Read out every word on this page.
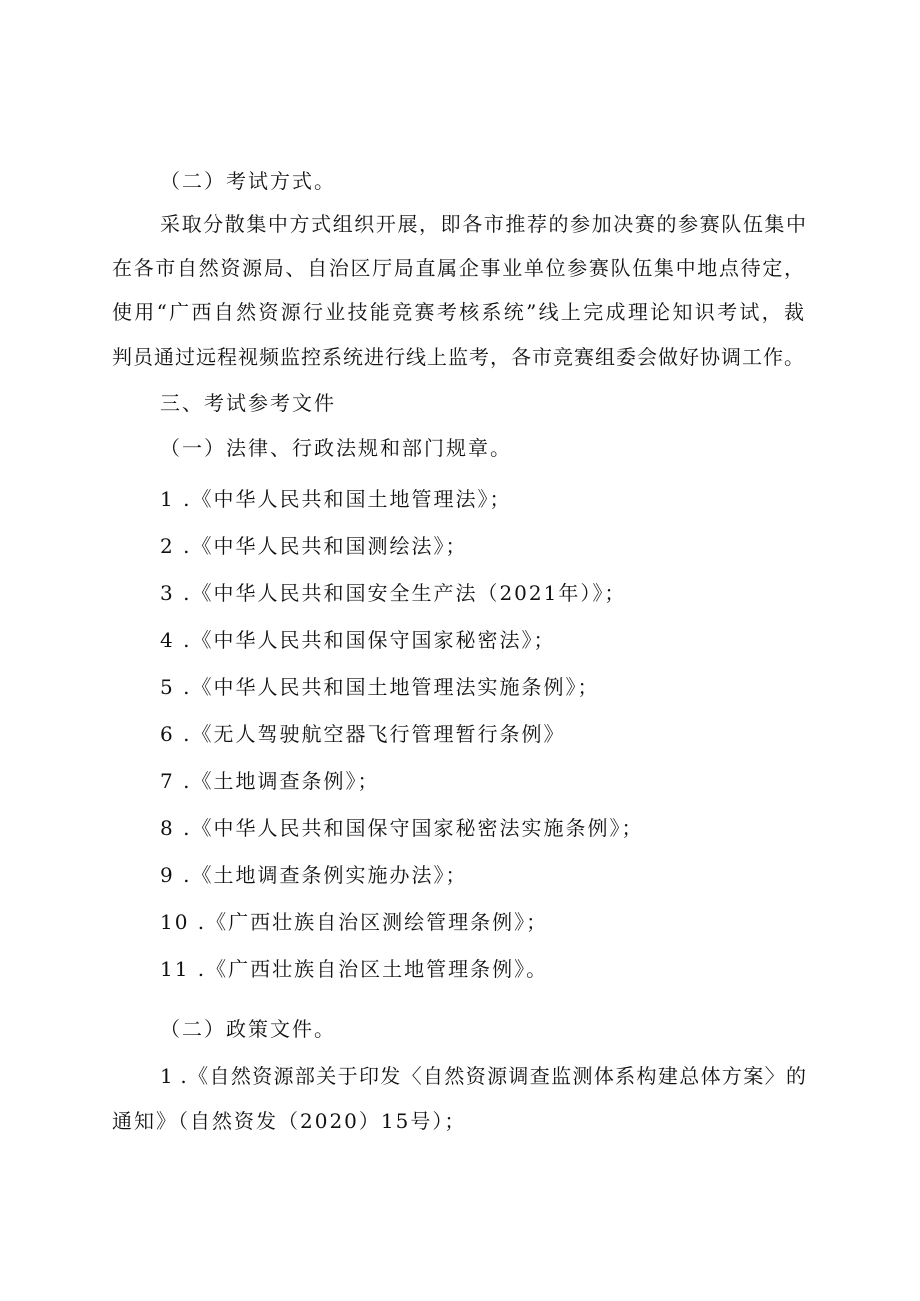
（二）考试方式。
采取分散集中方式组织开展，即各市推荐的参加决赛的参赛队伍集中
在各市自然资源局、自治区厅局直属企事业单位参赛队伍集中地点待定，
使用“广西自然资源行业技能竞赛考核系统”线上完成理论知识考试，裁
判员通过远程视频监控系统进行线上监考，各市竞赛组委会做好协调工作。
三、考试参考文件
（一）法律、行政法规和部门规章。
1 .《中华人民共和国土地管理法》；
2 .《中华人民共和国测绘法》；
3 .《中华人民共和国安全生产法（2021年）》；
4 .《中华人民共和国保守国家秘密法》；
5 .《中华人民共和国土地管理法实施条例》；
6 .《无人驾驶航空器飞行管理暂行条例》
7 .《土地调查条例》；
8 .《中华人民共和国保守国家秘密法实施条例》；
9 .《土地调查条例实施办法》；
10 .《广西壮族自治区测绘管理条例》；
11 .《广西壮族自治区土地管理条例》。
（二）政策文件。
1 .《自然资源部关于印发〈自然资源调查监测体系构建总体方案〉的
通知》（自然资发（2020）15号）；
